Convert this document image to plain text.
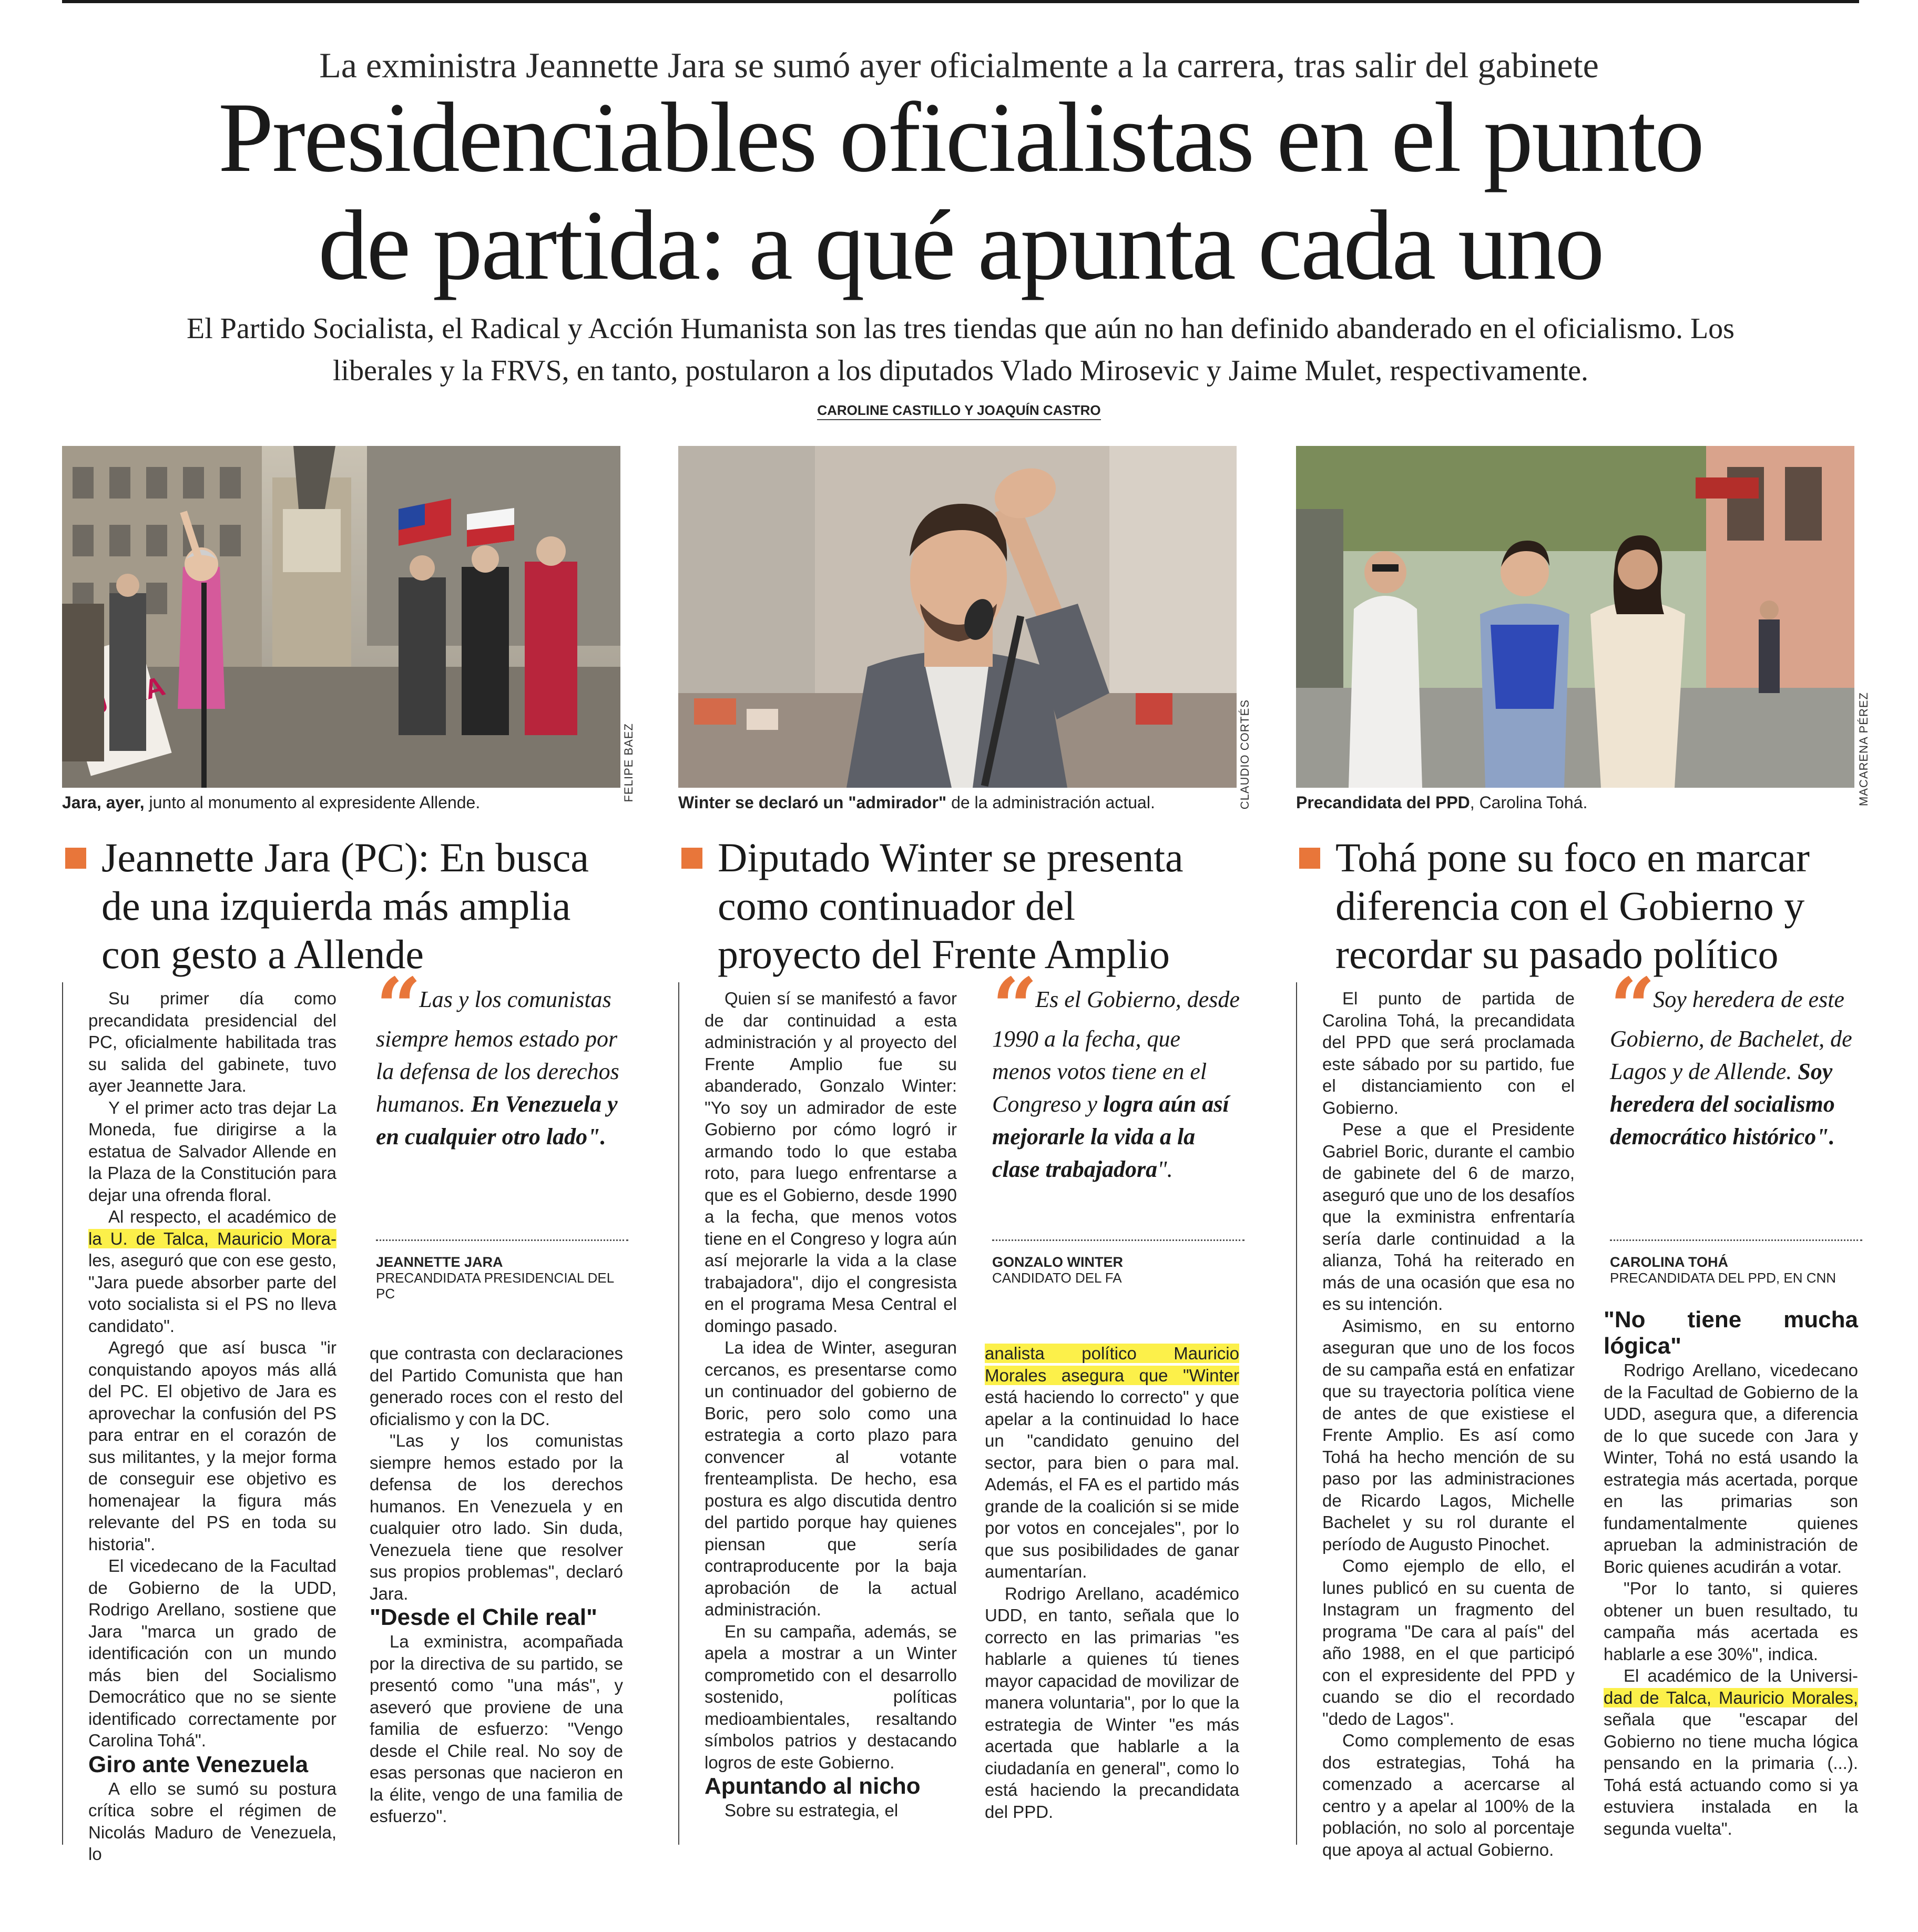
La exministra Jeannette Jara se sumó ayer oficialmente a la carrera, tras salir del gabinete
Presidenciables oficialistas en el punto
de partida: a qué apunta cada uno

El Partido Socialista, el Radical y Acción Humanista son las tres tiendas que aún no han definido abanderado en el oficialismo. Los
liberales y la FRVS, en tanto, postularon a los diputados Vlado Mirosevic y Jaime Mulet, respectivamente.

CAROLINE CASTILLO Y JOAQUÍN CASTRO
FELIPE BAEZ
Jara, ayer, junto al monumento al expresidente Allende.	CLAUDIO CORTÉS
Winter se declaró un "admirador" de la administración actual.	MACARENA PÉREZ
Precandidata del PPD, Carolina Tohá.
Jeannette Jara (PC): En busca
de una izquierda más amplia
con gesto a Allende

Su primer día como precandidata presidencial del PC, oficialmente habilitada tras su salida del gabinete, tuvo ayer Jeannette Jara.

Y el primer acto tras dejar La Moneda, fue dirigirse a la estatua de Salvador Allende en la Plaza de la Constitución para dejar una ofrenda floral.

Al respecto, el académico de la U. de Talca, Mauricio Mora-les, aseguró que con ese gesto, "Jara puede absorber parte del voto socialista si el PS no lleva candidato".

Agregó que así busca "ir conquistando apoyos más allá del PC. El objetivo de Jara es aprovechar la confusión del PS para entrar en el corazón de sus militantes, y la mejor forma de conseguir ese objetivo es homenajear la figura más relevante del PS en toda su historia".

El vicedecano de la Facultad de Gobierno de la UDD, Rodrigo Arellano, sostiene que Jara "marca un grado de identificación con un mundo más bien del Socialismo Democrático que no se siente identificado correctamente por Carolina Tohá".

Giro ante Venezuela

A ello se sumó su postura crítica sobre el régimen de Nicolás Maduro de Venezuela, lo

“ Las y los comunistas siempre hemos estado por la defensa de los derechos humanos. En Venezuela y en cualquier otro lado".
JEANNETTE JARA
PRECANDIDATA PRESIDENCIAL DEL PC

que contrasta con declaraciones del Partido Comunista que han generado roces con el resto del oficialismo y con la DC.

"Las y los comunistas siempre hemos estado por la defensa de los derechos humanos. En Venezuela y en cualquier otro lado. Sin duda, Venezuela tiene que resolver sus propios problemas", declaró Jara.

"Desde el Chile real"

La exministra, acompañada por la directiva de su partido, se presentó como "una más", y aseveró que proviene de una familia de esfuerzo: "Vengo desde el Chile real. No soy de esas personas que nacieron en la élite, vengo de una familia de esfuerzo".

Diputado Winter se presenta
como continuador del
proyecto del Frente Amplio

Quien sí se manifestó a favor de dar continuidad a esta administración y al proyecto del Frente Amplio fue su abanderado, Gonzalo Winter: "Yo soy un admirador de este Gobierno por cómo logró ir armando todo lo que estaba roto, para luego enfrentarse a que es el Gobierno, desde 1990 a la fecha, que menos votos tiene en el Congreso y logra aún así mejorarle la vida a la clase trabajadora", dijo el congresista en el programa Mesa Central el domingo pasado.

La idea de Winter, aseguran cercanos, es presentarse como un continuador del gobierno de Boric, pero solo como una estrategia a corto plazo para convencer al votante frenteamplista. De hecho, esa postura es algo discutida dentro del partido porque hay quienes piensan que sería contraproducente por la baja aprobación de la actual administración.

En su campaña, además, se apela a mostrar a un Winter comprometido con el desarrollo sostenido, políticas medioambientales, resaltando símbolos patrios y destacando logros de este Gobierno.

Apuntando al nicho

Sobre su estrategia, el

“ Es el Gobierno, desde 1990 a la fecha, que menos votos tiene en el Congreso y logra aún así mejorarle la vida a la clase trabajadora".
GONZALO WINTER
CANDIDATO DEL FA

analista político Mauricio Morales asegura que "Winter está haciendo lo correcto" y que apelar a la continuidad lo hace un "candidato genuino del sector, para bien o para mal. Además, el FA es el partido más grande de la coalición si se mide por votos en concejales", por lo que sus posibilidades de ganar aumentarían.

Rodrigo Arellano, académico UDD, en tanto, señala que lo correcto en las primarias "es hablarle a quienes tú tienes mayor capacidad de movilizar de manera voluntaria", por lo que la estrategia de Winter "es más acertada que hablarle a la ciudadanía en general", como lo está haciendo la precandidata del PPD.

Tohá pone su foco en marcar
diferencia con el Gobierno y
recordar su pasado político

El punto de partida de Carolina Tohá, la precandidata del PPD que será proclamada este sábado por su partido, fue el distanciamiento con el Gobierno.

Pese a que el Presidente Gabriel Boric, durante el cambio de gabinete del 6 de marzo, aseguró que uno de los desafíos que la exministra enfrentaría sería darle continuidad a la alianza, Tohá ha reiterado en más de una ocasión que esa no es su intención.

Asimismo, en su entorno aseguran que uno de los focos de su campaña está en enfatizar que su trayectoria política viene de antes de que existiese el Frente Amplio. Es así como Tohá ha hecho mención de su paso por las administraciones de Ricardo Lagos, Michelle Bachelet y su rol durante el período de Augusto Pinochet.

Como ejemplo de ello, el lunes publicó en su cuenta de Instagram un fragmento del programa "De cara al país" del año 1988, en el que participó con el expresidente del PPD y cuando se dio el recordado "dedo de Lagos".

Como complemento de esas dos estrategias, Tohá ha comenzado a acercarse al centro y a apelar al 100% de la población, no solo al porcentaje que apoya al actual Gobierno.

“ Soy heredera de este Gobierno, de Bachelet, de Lagos y de Allende. Soy heredera del socialismo democrático histórico".
CAROLINA TOHÁ
PRECANDIDATA DEL PPD, EN CNN

"No tiene mucha lógica"

Rodrigo Arellano, vicedecano de la Facultad de Gobierno de la UDD, asegura que, a diferencia de lo que sucede con Jara y Winter, Tohá no está usando la estrategia más acertada, porque en las primarias son fundamentalmente quienes aprueban la administración de Boric quienes acudirán a votar.

"Por lo tanto, si quieres obtener un buen resultado, tu campaña más acertada es hablarle a ese 30%", indica.

El académico de la Universi-dad de Talca, Mauricio Morales, señala que "escapar del Gobierno no tiene mucha lógica pensando en la primaria (...). Tohá está actuando como si ya estuviera instalada en la segunda vuelta".
